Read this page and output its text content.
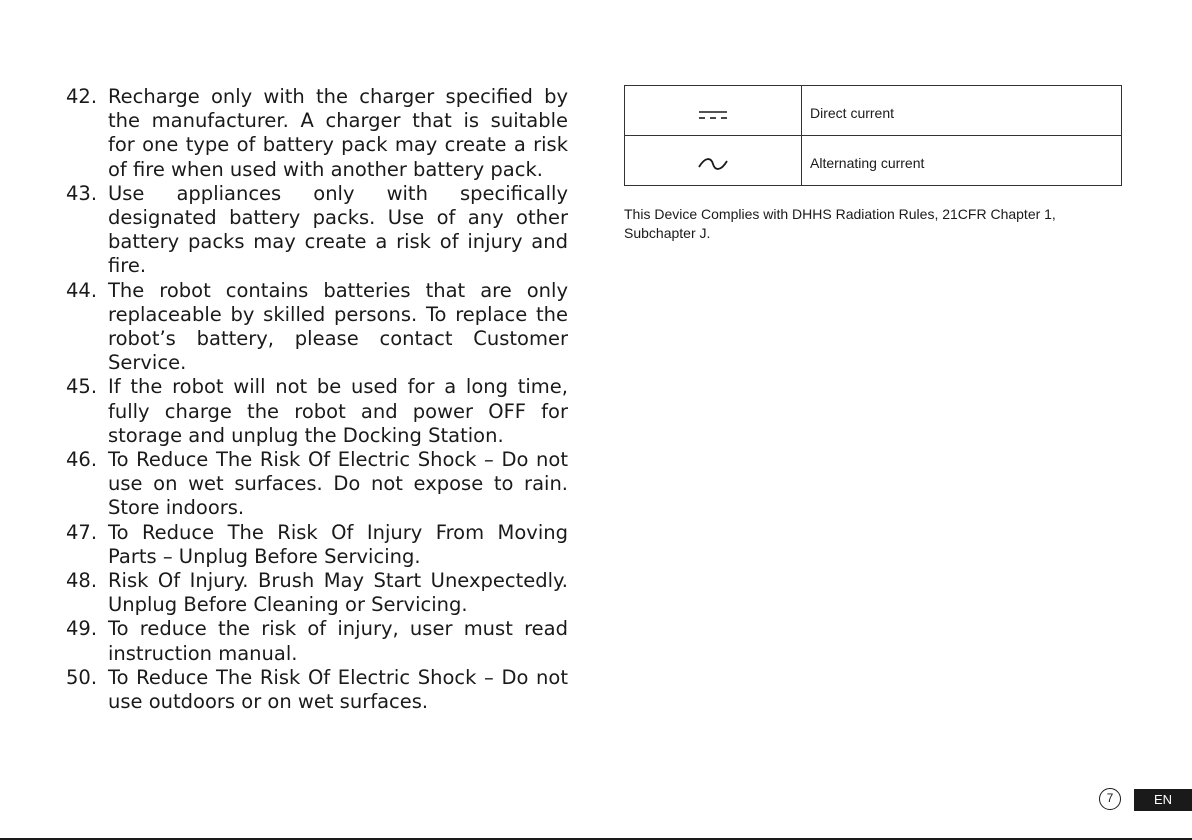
42. Recharge only with the charger specified by the manufacturer. A charger that is suitable for one type of battery pack may create a risk of fire when used with another battery pack.
43. Use appliances only with specifically designated battery packs. Use of any other battery packs may create a risk of injury and fire.
44. The robot contains batteries that are only replaceable by skilled persons. To replace the robot’s battery, please contact Customer Service.
45. If the robot will not be used for a long time, fully charge the robot and power OFF for storage and unplug the Docking Station.
46. To Reduce The Risk Of Electric Shock – Do not use on wet surfaces. Do not expose to rain. Store indoors.
47. To Reduce The Risk Of Injury From Moving Parts – Unplug Before Servicing.
48. Risk Of Injury. Brush May Start Unexpectedly. Unplug Before Cleaning or Servicing.
49. To reduce the risk of injury, user must read instruction manual.
50. To Reduce The Risk Of Electric Shock – Do not use outdoors or on wet surfaces.

Direct current

Alternating current
This Device Complies with DHHS Radiation Rules, 21CFR Chapter 1, Subchapter J.
7	EN
